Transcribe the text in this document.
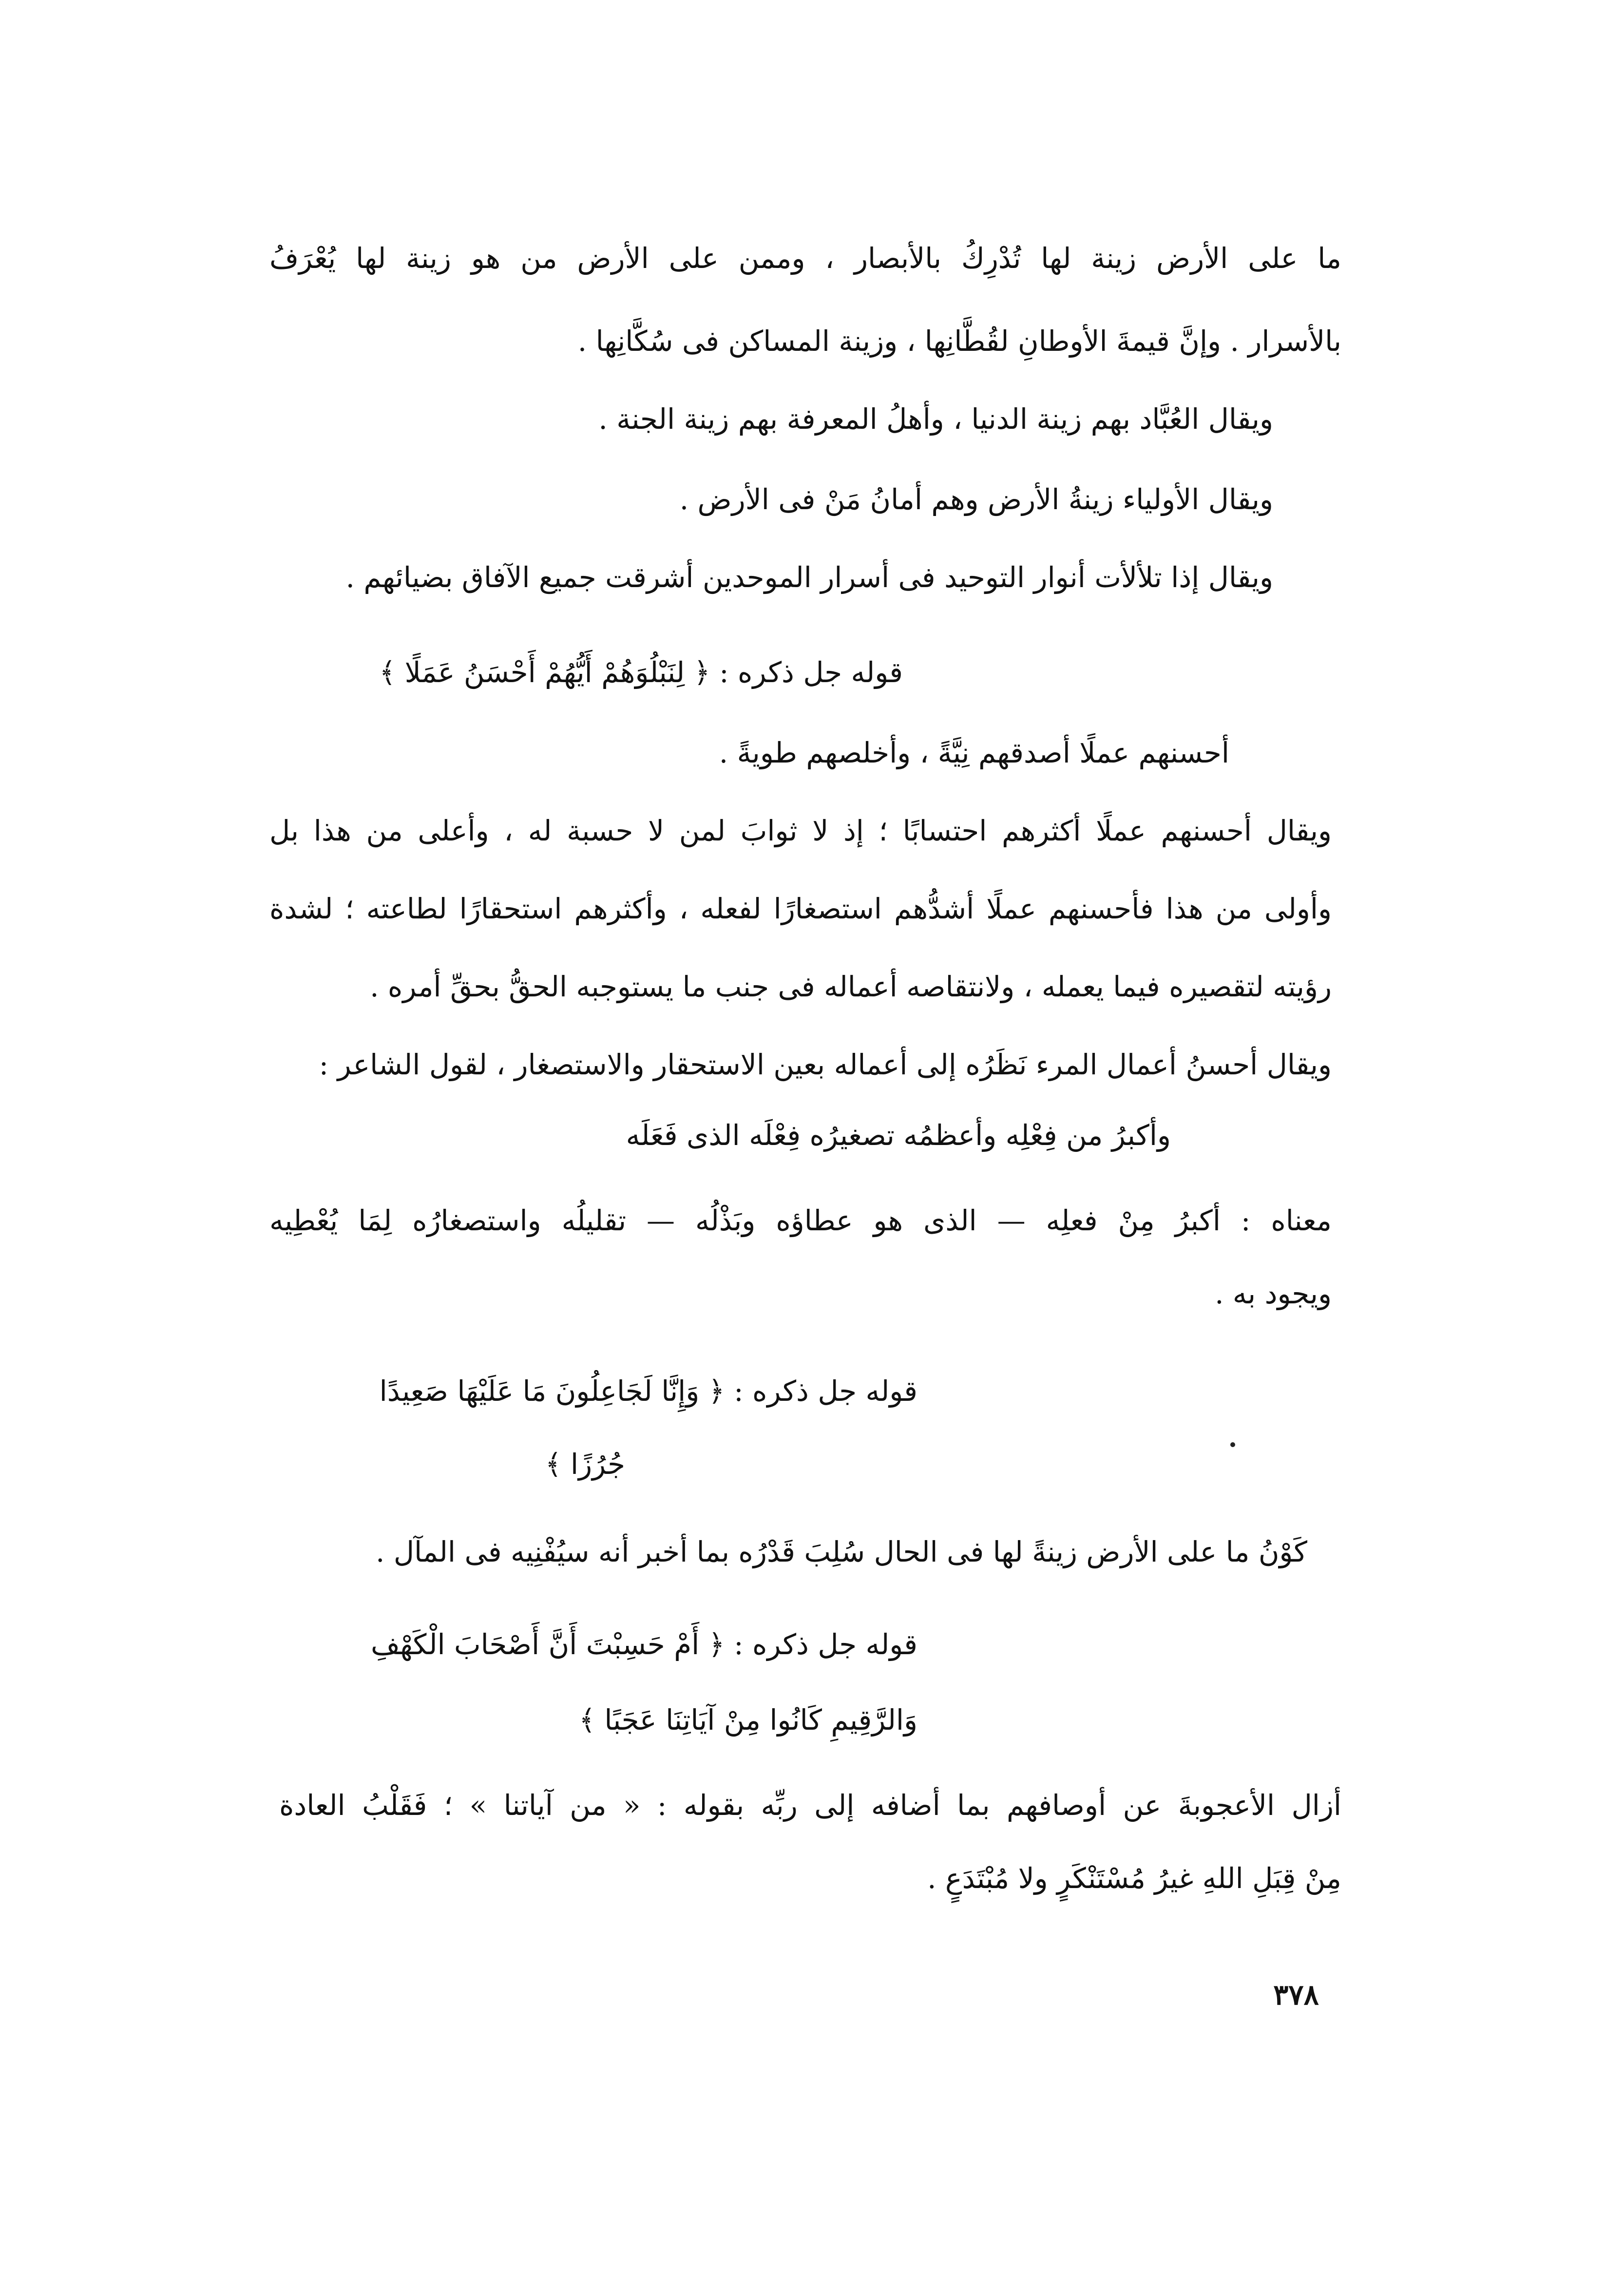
ما على الأرض زينة لها تُدْرِكُ بالأبصار ، وممن على الأرض من هو زينة لها يُعْرَفُ
بالأسرار . وإنَّ قيمةَ الأوطانِ لقُطَّانِها ، وزينة المساكن فى سُكَّانِها .
ويقال العُبَّاد بهم زينة الدنيا ، وأهلُ المعرفة بهم زينة الجنة .
ويقال الأولياء زينةُ الأرض وهم أمانُ مَنْ فى الأرض .
ويقال إذا تلألأت أنوار التوحيد فى أسرار الموحدين أشرقت جميع الآفاق بضيائهم .
قوله جل ذكره : ﴿ لِنَبْلُوَهُمْ أَيُّهُمْ أَحْسَنُ عَمَلًا ﴾
أحسنهم عملًا أصدقهم نِيَّةً ، وأخلصهم طويةً .
ويقال أحسنهم عملًا أكثرهم احتسابًا ؛ إذ لا ثوابَ لمن لا حسبة له ، وأعلى من هذا بل
وأولى من هذا فأحسنهم عملًا أشدُّهم استصغارًا لفعله ، وأكثرهم استحقارًا لطاعته ؛ لشدة
رؤيته لتقصيره فيما يعمله ، ولانتقاصه أعماله فى جنب ما يستوجبه الحقُّ بحقِّ أمره .
ويقال أحسنُ أعمال المرء نَظَرُه إلى أعماله بعين الاستحقار والاستصغار ، لقول الشاعر :
وأكبرُ من فِعْلِه وأعظمُه تصغيرُه فِعْلَه الذى فَعَلَه
معناه : أكبرُ مِنْ فعلِه — الذى هو عطاؤه وبَذْلُه — تقليلُه واستصغارُه لِمَا يُعْطِيه
ويجود به .
قوله جل ذكره : ﴿ وَإِنَّا لَجَاعِلُونَ مَا عَلَيْهَا صَعِيدًا
جُرُزًا ﴾
كَوْنُ ما على الأرض زينةً لها فى الحال سُلِبَ قَدْرُه بما أخبر أنه سيُفْنِيه فى المآل .
قوله جل ذكره : ﴿ أَمْ حَسِبْتَ أَنَّ أَصْحَابَ الْكَهْفِ
وَالرَّقِيمِ كَانُوا مِنْ آيَاتِنَا عَجَبًا ﴾
أزال الأعجوبةَ عن أوصافهم بما أضافه إلى ربِّه بقوله : « من آياتنا » ؛ فَقَلْبُ العادة
مِنْ قِبَلِ اللهِ غيرُ مُسْتَنْكَرٍ ولا مُبْتَدَعٍ .
٣٧٨
